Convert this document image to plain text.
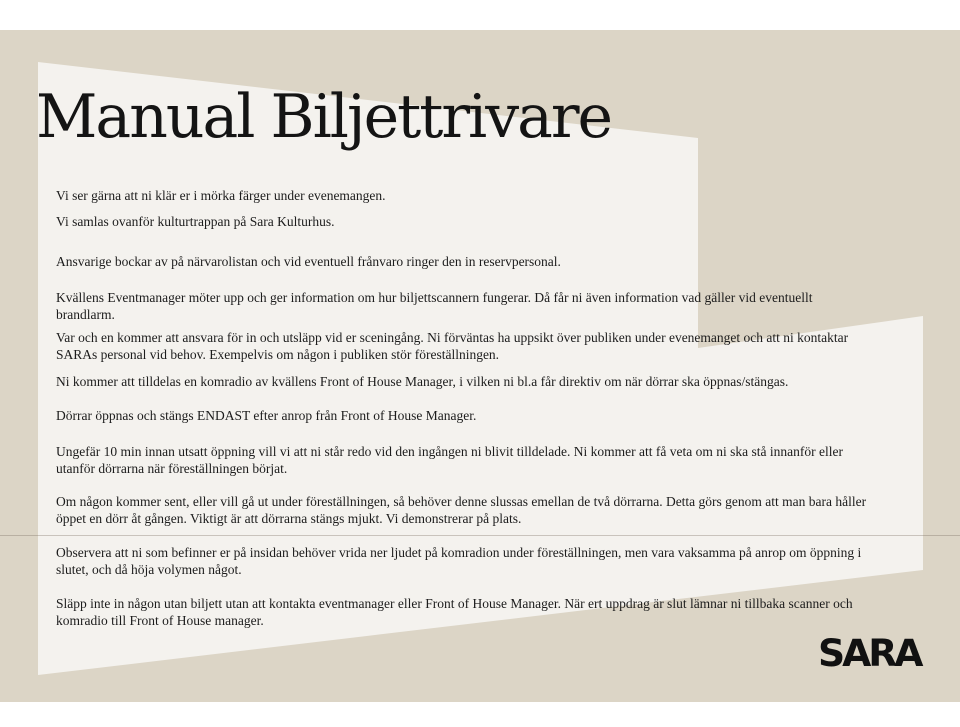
Manual Biljettrivare

Vi ser gärna att ni klär er i mörka färger under evenemangen.

Vi samlas ovanför kulturtrappan på Sara Kulturhus.

Ansvarige bockar av på närvarolistan och vid eventuell frånvaro ringer den in reservpersonal.

Kvällens Eventmanager möter upp och ger information om hur biljettscannern fungerar. Då får ni även information vad gäller vid eventuellt brandlarm.

Var och en kommer att ansvara för in och utsläpp vid er sceningång. Ni förväntas ha uppsikt över publiken under evenemanget och att ni kontaktar SARAs personal vid behov. Exempelvis om någon i publiken stör föreställningen.

Ni kommer att tilldelas en komradio av kvällens Front of House Manager, i vilken ni bl.a får direktiv om när dörrar ska öppnas/stängas.

Dörrar öppnas och stängs ENDAST efter anrop från Front of House Manager.

Ungefär 10 min innan utsatt öppning vill vi att ni står redo vid den ingången ni blivit tilldelade. Ni kommer att få veta om ni ska stå innanför eller utanför dörrarna när föreställningen börjat.

Om någon kommer sent, eller vill gå ut under föreställningen, så behöver denne slussas emellan de två dörrarna. Detta görs genom att man bara håller öppet en dörr åt gången. Viktigt är att dörrarna stängs mjukt. Vi demonstrerar på plats.

Observera att ni som befinner er på insidan behöver vrida ner ljudet på komradion under föreställningen, men vara vaksamma på anrop om öppning i slutet, och då höja volymen något.

Släpp inte in någon utan biljett utan att kontakta eventmanager eller Front of House Manager. När ert uppdrag är slut lämnar ni tillbaka scanner och komradio till Front of House manager.

SARA
